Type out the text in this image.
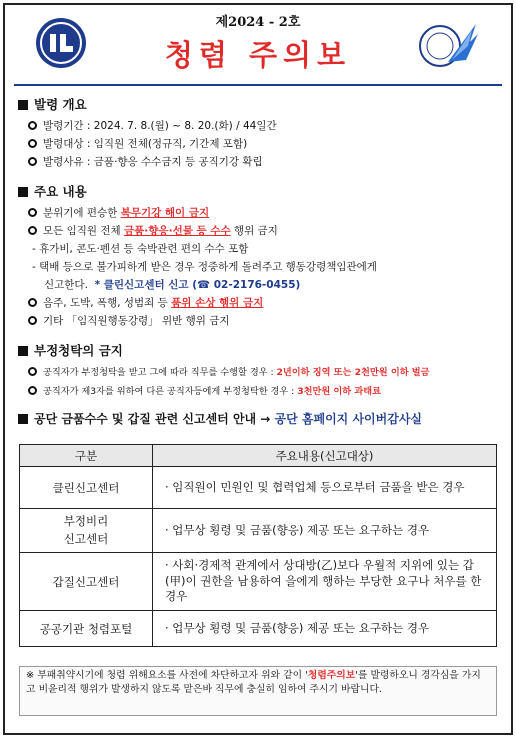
제2024 - 2호
청렴 주의보
발령 개요
발령기간 : 2024. 7. 8.(월) ~ 8. 20.(화) / 44일간
발령대상 : 임직원 전체(정규직, 기간제 포함)
발령사유 : 금품·향응 수수금지 등 공직기강 확립
주요 내용
분위기에 편승한 복무기강 해이 금지
모든 임직원 전체 금품·향응·선물 등 수수 행위 금지
- 휴가비, 콘도·펜션 등 숙박관련 편의 수수 포함
- 택배 등으로 불가피하게 받은 경우 정중하게 돌려주고 행동강령책임관에게
신고한다. * 클린신고센터 신고 (☎ 02-2176-0455)
음주, 도박, 폭행, 성범죄 등 품위 손상 행위 금지
기타 「임직원행동강령」 위반 행위 금지
부정청탁의 금지
공직자가 부정청탁을 받고 그에 따라 직무를 수행할 경우 : 2년이하 징역 또는 2천만원 이하 벌금
공직자가 제3자를 위하여 다른 공직자등에게 부정청탁한 경우 : 3천만원 이하 과태료
공단 금품수수 및 갑질 관련 신고센터 안내 → 공단 홈페이지 사이버감사실
구분	주요내용(신고대상)
클린신고센터	· 임직원이 민원인 및 협력업체 등으로부터 금품을 받은 경우
부정비리
신고센터	· 업무상 횡령 및 금품(향응) 제공 또는 요구하는 경우
갑질신고센터	· 사회·경제적 관계에서 상대방(乙)보다 우월적 지위에 있는 갑(甲)이 권한을 남용하여 을에게 행하는 부당한 요구나 처우를 한 경우
공공기관 청렴포털	· 업무상 횡령 및 금품(향응) 제공 또는 요구하는 경우
※ 부패취약시기에 청렴 위해요소를 사전에 차단하고자 위와 같이 '청렴주의보'를 발령하오니 경각심을 가지고 비윤리적 행위가 발생하지 않도록 맡은바 직무에 충실히 임하여 주시기 바랍니다.
